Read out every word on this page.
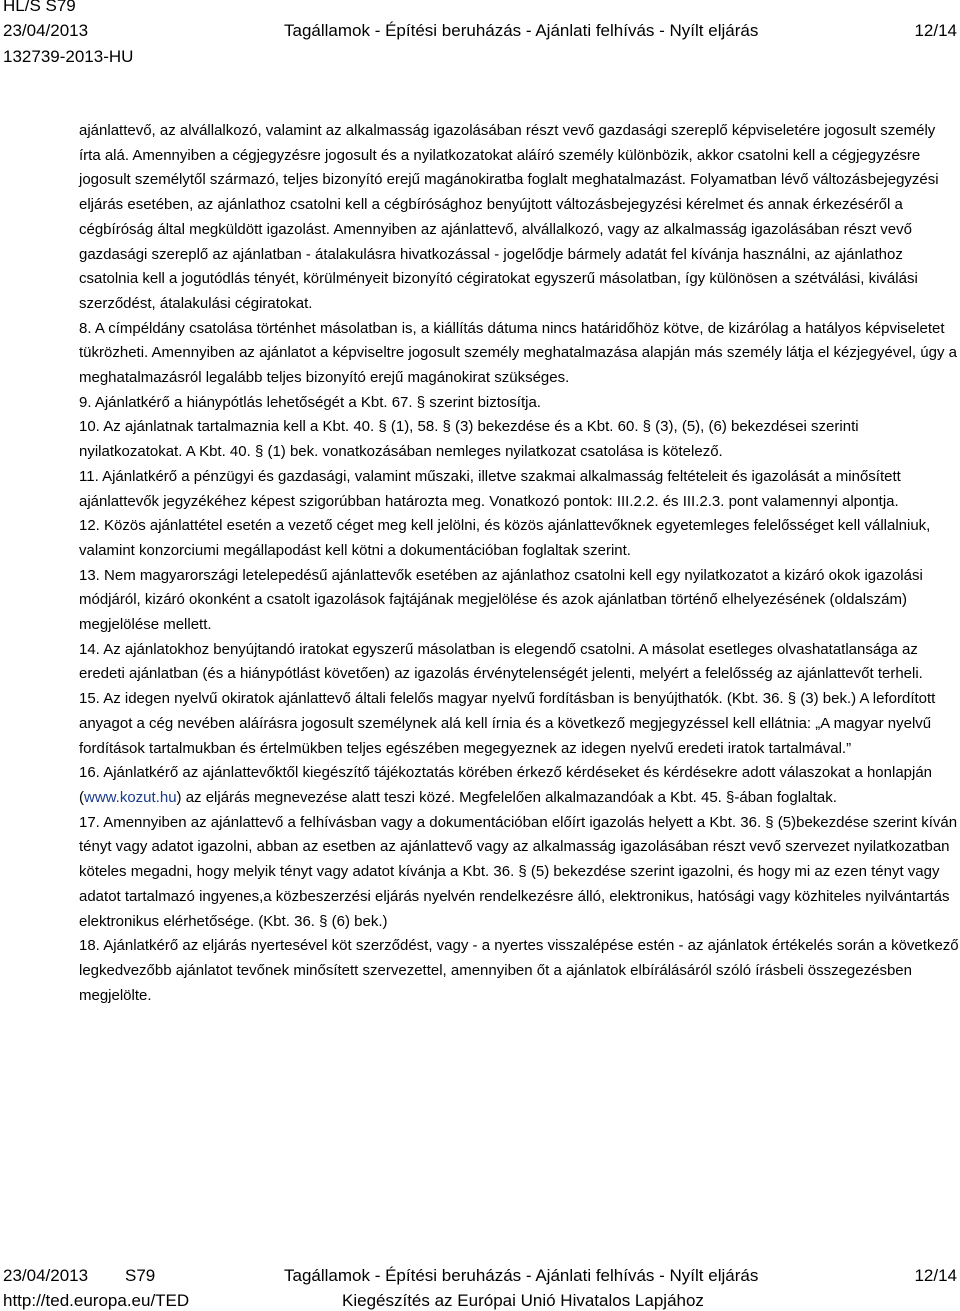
HL/S S79
23/04/2013	Tagállamok - Építési beruházás - Ajánlati felhívás - Nyílt eljárás	12/14
132739-2013-HU

ajánlattevő, az alvállalkozó, valamint az alkalmasság igazolásában részt vevő gazdasági szereplő képviseletére jogosult személy írta alá. Amennyiben a cégjegyzésre jogosult és a nyilatkozatokat aláíró személy különbözik, akkor csatolni kell a cégjegyzésre jogosult személytől származó, teljes bizonyító erejű magánokiratba foglalt meghatalmazást. Folyamatban lévő változásbejegyzési eljárás esetében, az ajánlathoz csatolni kell a cégbírósághoz benyújtott változásbejegyzési kérelmet és annak érkezéséről a cégbíróság által megküldött igazolást. Amennyiben az ajánlattevő, alvállalkozó, vagy az alkalmasság igazolásában részt vevő gazdasági szereplő az ajánlatban - átalakulásra hivatkozással - jogelődje bármely adatát fel kívánja használni, az ajánlathoz csatolnia kell a jogutódlás tényét, körülményeit bizonyító cégiratokat egyszerű másolatban, így különösen a szétválási, kiválási szerződést, átalakulási cégiratokat.

8. A címpéldány csatolása történhet másolatban is, a kiállítás dátuma nincs határidőhöz kötve, de kizárólag a hatályos képviseletet tükrözheti. Amennyiben az ajánlatot a képviseltre jogosult személy meghatalmazása alapján más személy látja el kézjegyével, úgy a meghatalmazásról legalább teljes bizonyító erejű magánokirat szükséges.

9. Ajánlatkérő a hiánypótlás lehetőségét a Kbt. 67. § szerint biztosítja.

10. Az ajánlatnak tartalmaznia kell a Kbt. 40. § (1), 58. § (3) bekezdése és a Kbt. 60. § (3), (5), (6) bekezdései szerinti nyilatkozatokat. A Kbt. 40. § (1) bek. vonatkozásában nemleges nyilatkozat csatolása is kötelező.

11. Ajánlatkérő a pénzügyi és gazdasági, valamint műszaki, illetve szakmai alkalmasság feltételeit és igazolását a minősített ajánlattevők jegyzékéhez képest szigorúbban határozta meg. Vonatkozó pontok: III.2.2. és III.2.3. pont valamennyi alpontja.

12. Közös ajánlattétel esetén a vezető céget meg kell jelölni, és közös ajánlattevőknek egyetemleges felelősséget kell vállalniuk, valamint konzorciumi megállapodást kell kötni a dokumentációban foglaltak szerint.

13. Nem magyarországi letelepedésű ajánlattevők esetében az ajánlathoz csatolni kell egy nyilatkozatot a kizáró okok igazolási módjáról, kizáró okonként a csatolt igazolások fajtájának megjelölése és azok ajánlatban történő elhelyezésének (oldalszám) megjelölése mellett.

14. Az ajánlatokhoz benyújtandó iratokat egyszerű másolatban is elegendő csatolni. A másolat esetleges olvashatatlansága az eredeti ajánlatban (és a hiánypótlást követően) az igazolás érvénytelenségét jelenti, melyért a felelősség az ajánlattevőt terheli.

15. Az idegen nyelvű okiratok ajánlattevő általi felelős magyar nyelvű fordításban is benyújthatók. (Kbt. 36. § (3) bek.) A lefordított anyagot a cég nevében aláírásra jogosult személynek alá kell írnia és a következő megjegyzéssel kell ellátnia: „A magyar nyelvű fordítások tartalmukban és értelmükben teljes egészében megegyeznek az idegen nyelvű eredeti iratok tartalmával.”

16. Ajánlatkérő az ajánlattevőktől kiegészítő tájékoztatás körében érkező kérdéseket és kérdésekre adott válaszokat a honlapján (www.kozut.hu) az eljárás megnevezése alatt teszi közé. Megfelelően alkalmazandóak a Kbt. 45. §-ában foglaltak.

17. Amennyiben az ajánlattevő a felhívásban vagy a dokumentációban előírt igazolás helyett a Kbt. 36. § (5)bekezdése szerint kíván tényt vagy adatot igazolni, abban az esetben az ajánlattevő vagy az alkalmasság igazolásában részt vevő szervezet nyilatkozatban köteles megadni, hogy melyik tényt vagy adatot kívánja a Kbt. 36. § (5) bekezdése szerint igazolni, és hogy mi az ezen tényt vagy adatot tartalmazó ingyenes,a közbeszerzési eljárás nyelvén rendelkezésre álló, elektronikus, hatósági vagy közhiteles nyilvántartás elektronikus elérhetősége. (Kbt. 36. § (6) bek.)

18. Ajánlatkérő az eljárás nyertesével köt szerződést, vagy - a nyertes visszalépése estén - az ajánlatok értékelés során a következő legkedvezőbb ajánlatot tevőnek minősített szervezettel, amennyiben őt a ajánlatok elbírálásáról szóló írásbeli összegezésben megjelölte.

23/04/2013 S79	Tagállamok - Építési beruházás - Ajánlati felhívás - Nyílt eljárás	12/14
http://ted.europa.eu/TED	Kiegészítés az Európai Unió Hivatalos Lapjához
